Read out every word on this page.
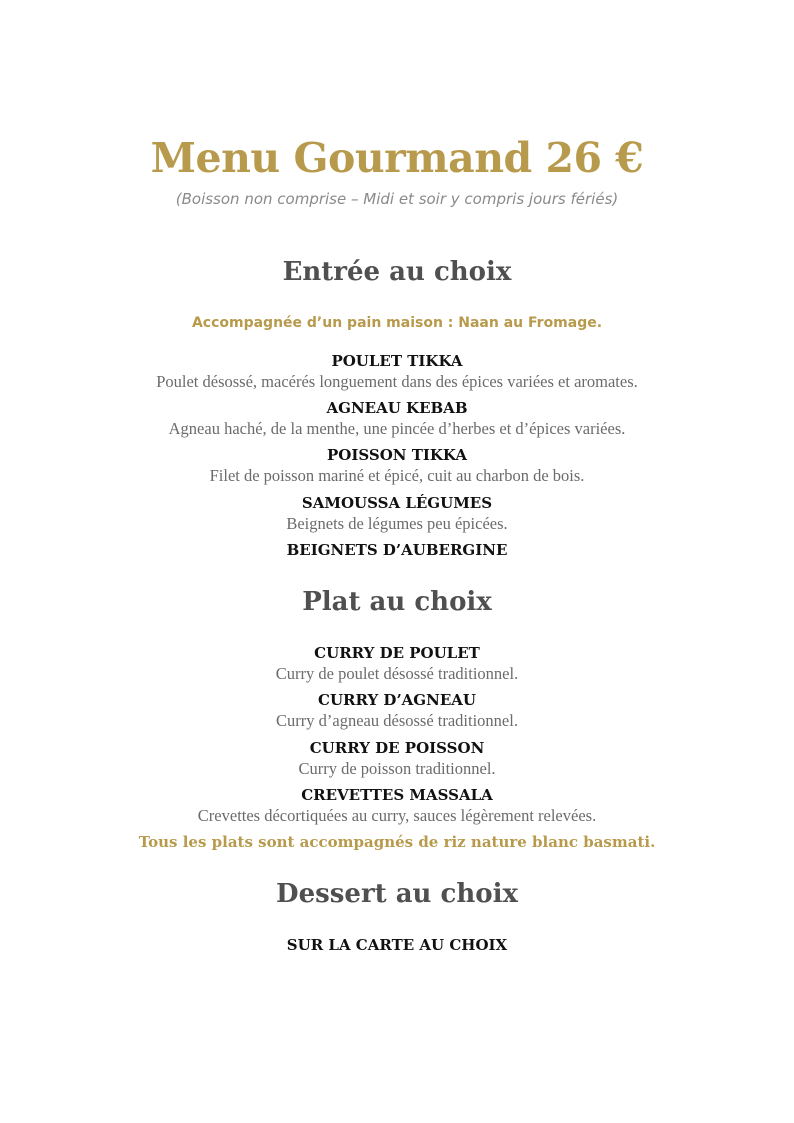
Menu Gourmand 26 €
(Boisson non comprise – Midi et soir y compris jours fériés)
Entrée au choix
Accompagnée d’un pain maison : Naan au Fromage.
POULET TIKKA
Poulet désossé, macérés longuement dans des épices variées et aromates.
AGNEAU KEBAB
Agneau haché, de la menthe, une pincée d’herbes et d’épices variées.
POISSON TIKKA
Filet de poisson mariné et épicé, cuit au charbon de bois.
SAMOUSSA LÉGUMES
Beignets de légumes peu épicées.
BEIGNETS D’AUBERGINE
Plat au choix
CURRY DE POULET
Curry de poulet désossé traditionnel.
CURRY D’AGNEAU
Curry d’agneau désossé traditionnel.
CURRY DE POISSON
Curry de poisson traditionnel.
CREVETTES MASSALA
Crevettes décortiquées au curry, sauces légèrement relevées.
Tous les plats sont accompagnés de riz nature blanc basmati.
Dessert au choix
SUR LA CARTE AU CHOIX
